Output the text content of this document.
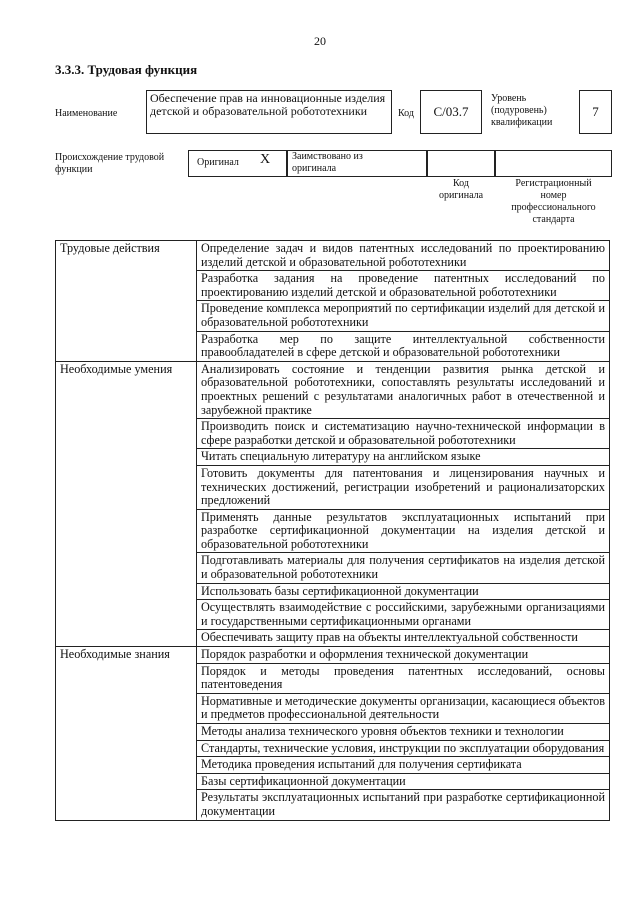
20
3.3.3. Трудовая функция
Наименование
Обеспечение прав на инновационные изделия детской и образовательной робототехники	Код	C/03.7
Уровень
(подуровень)
квалификации
7
Происхождение трудовой функции
Оригинал X Заимствовано из
оригинала
Код
оригинала
Регистрационный
номер
профессионального
стандарта
Трудовые действия	Определение задач и видов патентных исследований по проектированию изделий детской и образовательной робототехники
	Разработка задания на проведение патентных исследований по проектированию изделий детской и образовательной робототехники
	Проведение комплекса мероприятий по сертификации изделий для детской и образовательной робототехники
	Разработка мер по защите интеллектуальной собственности правообладателей в сфере детской и образовательной робототехники
Необходимые умения	Анализировать состояние и тенденции развития рынка детской и образовательной робототехники, сопоставлять результаты исследований и проектных решений с результатами аналогичных работ в отечественной и зарубежной практике
	Производить поиск и систематизацию научно-технической информации в сфере разработки детской и образовательной робототехники
	Читать специальную литературу на английском языке
	Готовить документы для патентования и лицензирования научных и технических достижений, регистрации изобретений и рационализаторских предложений
	Применять данные результатов эксплуатационных испытаний при разработке сертификационной документации на изделия детской и образовательной робототехники
	Подготавливать материалы для получения сертификатов на изделия детской и образовательной робототехники
	Использовать базы сертификационной документации
	Осуществлять взаимодействие с российскими, зарубежными организациями и государственными сертификационными органами
	Обеспечивать защиту прав на объекты интеллектуальной собственности
Необходимые знания	Порядок разработки и оформления технической документации
	Порядок и методы проведения патентных исследований, основы патентоведения
	Нормативные и методические документы организации, касающиеся объектов и предметов профессиональной деятельности
	Методы анализа технического уровня объектов техники и технологии
	Стандарты, технические условия, инструкции по эксплуатации оборудования
	Методика проведения испытаний для получения сертификата
	Базы сертификационной документации
	Результаты эксплуатационных испытаний при разработке сертификационной документации
